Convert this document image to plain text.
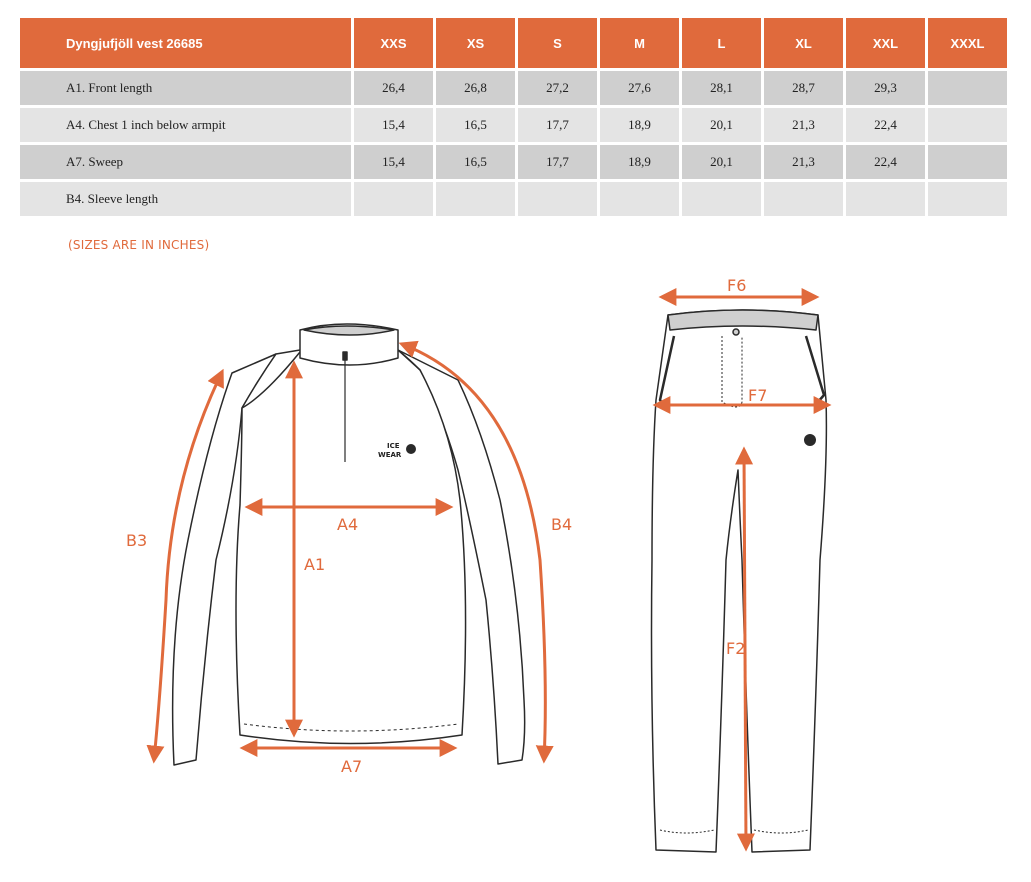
Dyngjufjöll vest 26685	XXS	XS	S	M	L	XL	XXL	XXXL
A1. Front length	26,4	26,8	27,2	27,6	28,1	28,7	29,3	
A4. Chest 1 inch below armpit	15,4	16,5	17,7	18,9	20,1	21,3	22,4	
A7. Sweep	15,4	16,5	17,7	18,9	20,1	21,3	22,4	
B4. Sleeve length								
(SIZES ARE IN INCHES)
ICE
WEAR
B3
B4
A1
A4
A7
F6
F7
F2
